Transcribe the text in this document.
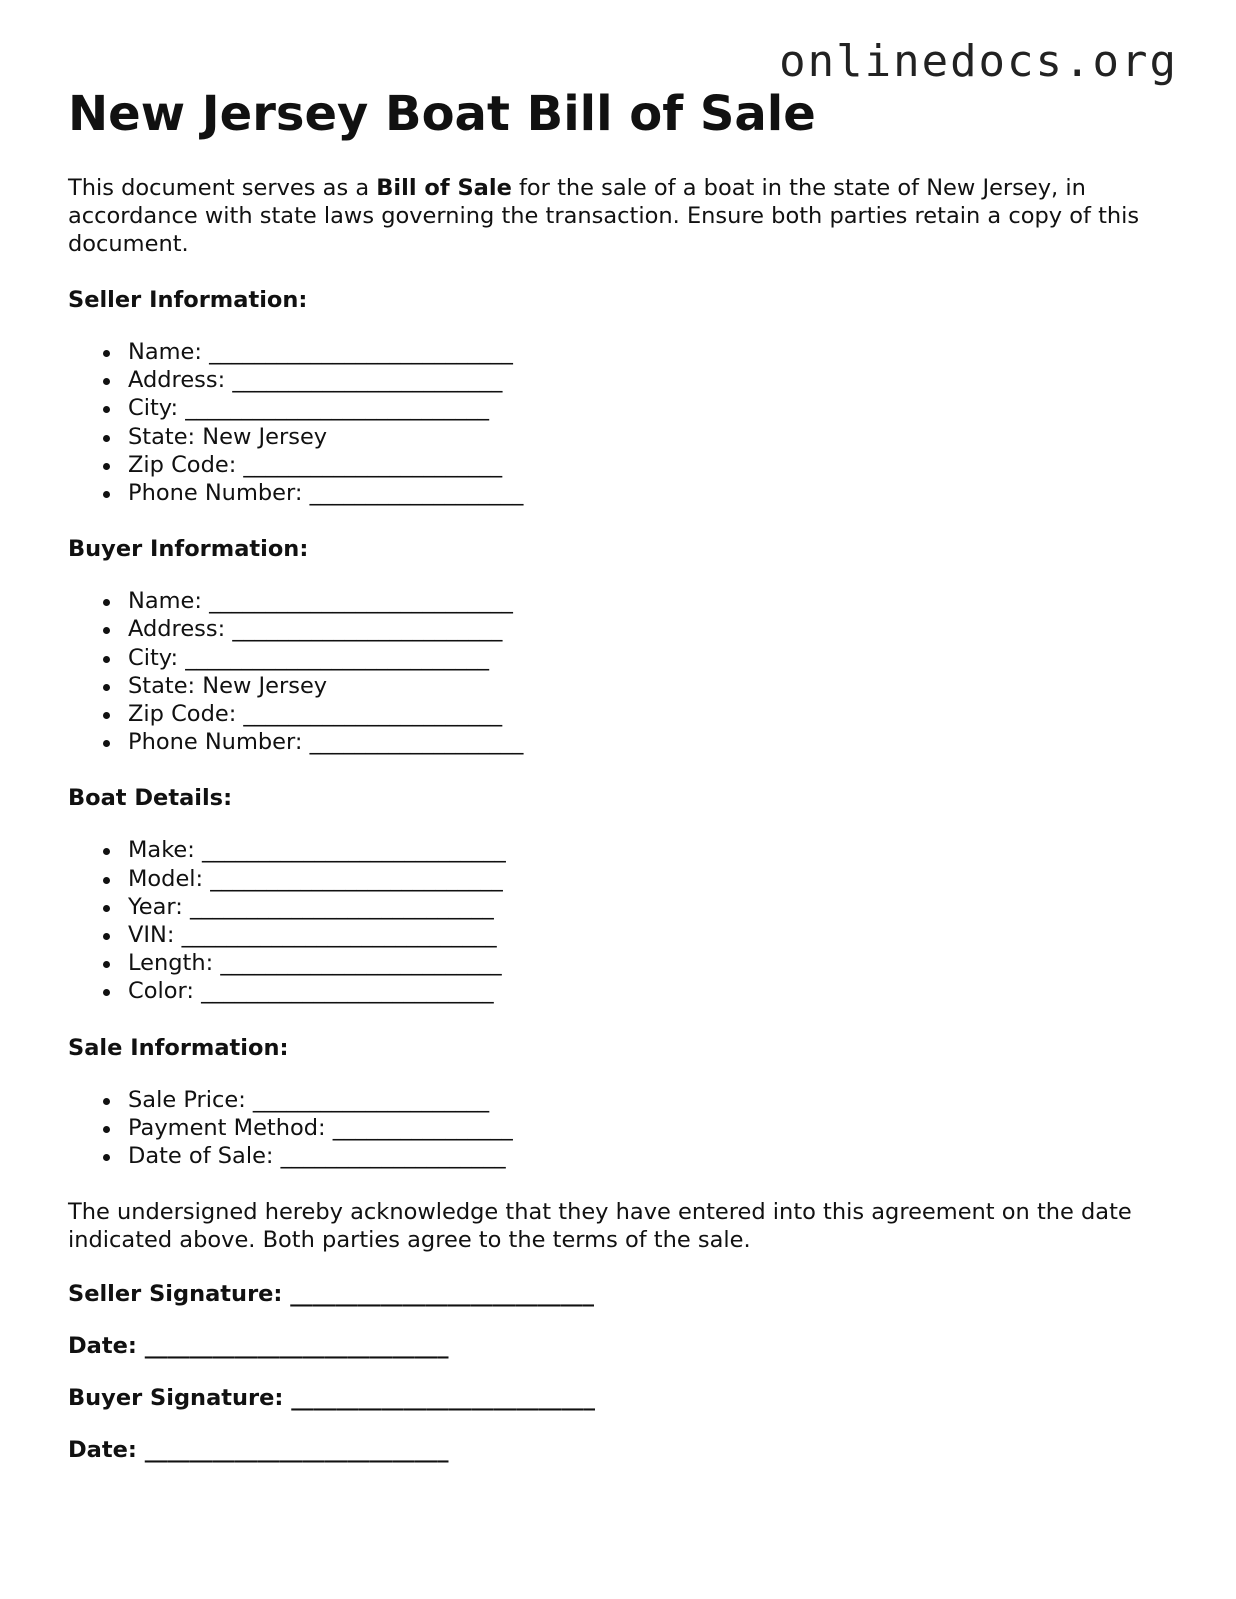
onlinedocs.org
New Jersey Boat Bill of Sale

This document serves as a Bill of Sale for the sale of a boat in the state of New Jersey, in accordance with state laws governing the transaction. Ensure both parties retain a copy of this document.

Seller Information:

Name: ___________________________
Address: ________________________
City: ___________________________
State: New Jersey
Zip Code: _______________________
Phone Number: ___________________

Buyer Information:

Name: ___________________________
Address: ________________________
City: ___________________________
State: New Jersey
Zip Code: _______________________
Phone Number: ___________________

Boat Details:

Make: ___________________________
Model: __________________________
Year: ___________________________
VIN: ____________________________
Length: _________________________
Color: __________________________

Sale Information:

Sale Price: _____________________
Payment Method: ________________
Date of Sale: ____________________

The undersigned hereby acknowledge that they have entered into this agreement on the date indicated above. Both parties agree to the terms of the sale.

Seller Signature: ___________________________

Date: ___________________________

Buyer Signature: ___________________________

Date: ___________________________
